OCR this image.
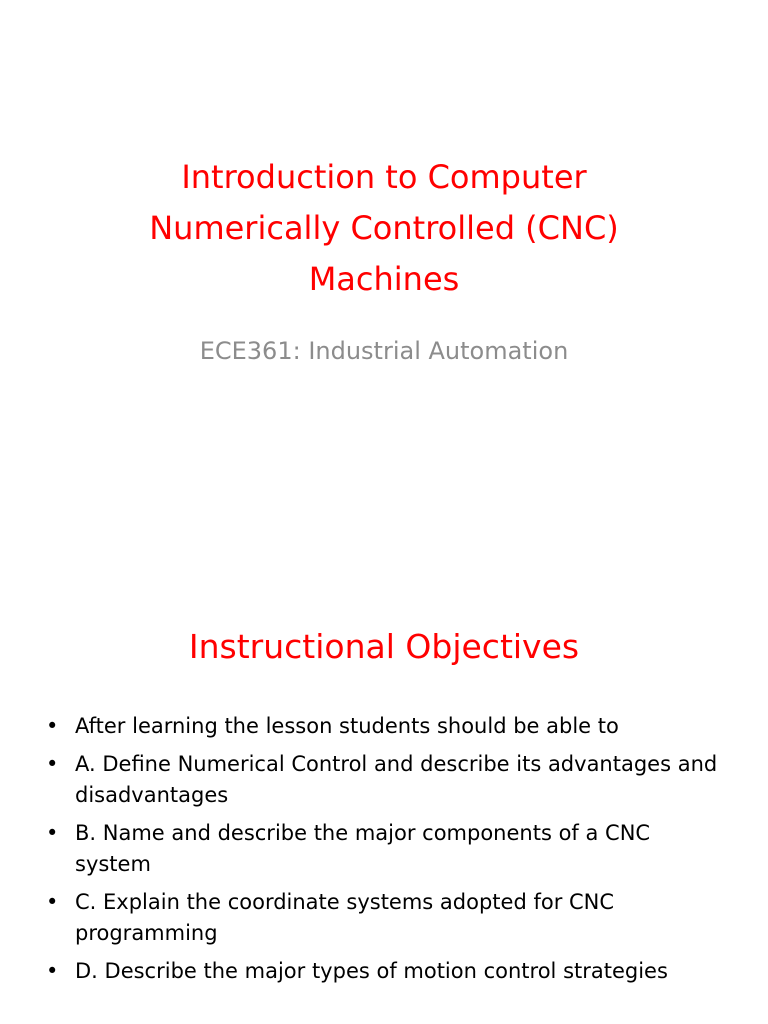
Introduction to Computer
Numerically Controlled (CNC)
Machines
ECE361: Industrial Automation
Instructional Objectives
• After learning the lesson students should be able to
• A. Define Numerical Control and describe its advantages and disadvantages
• B. Name and describe the major components of a CNC system
• C. Explain the coordinate systems adopted for CNC programming
• D. Describe the major types of motion control strategies
